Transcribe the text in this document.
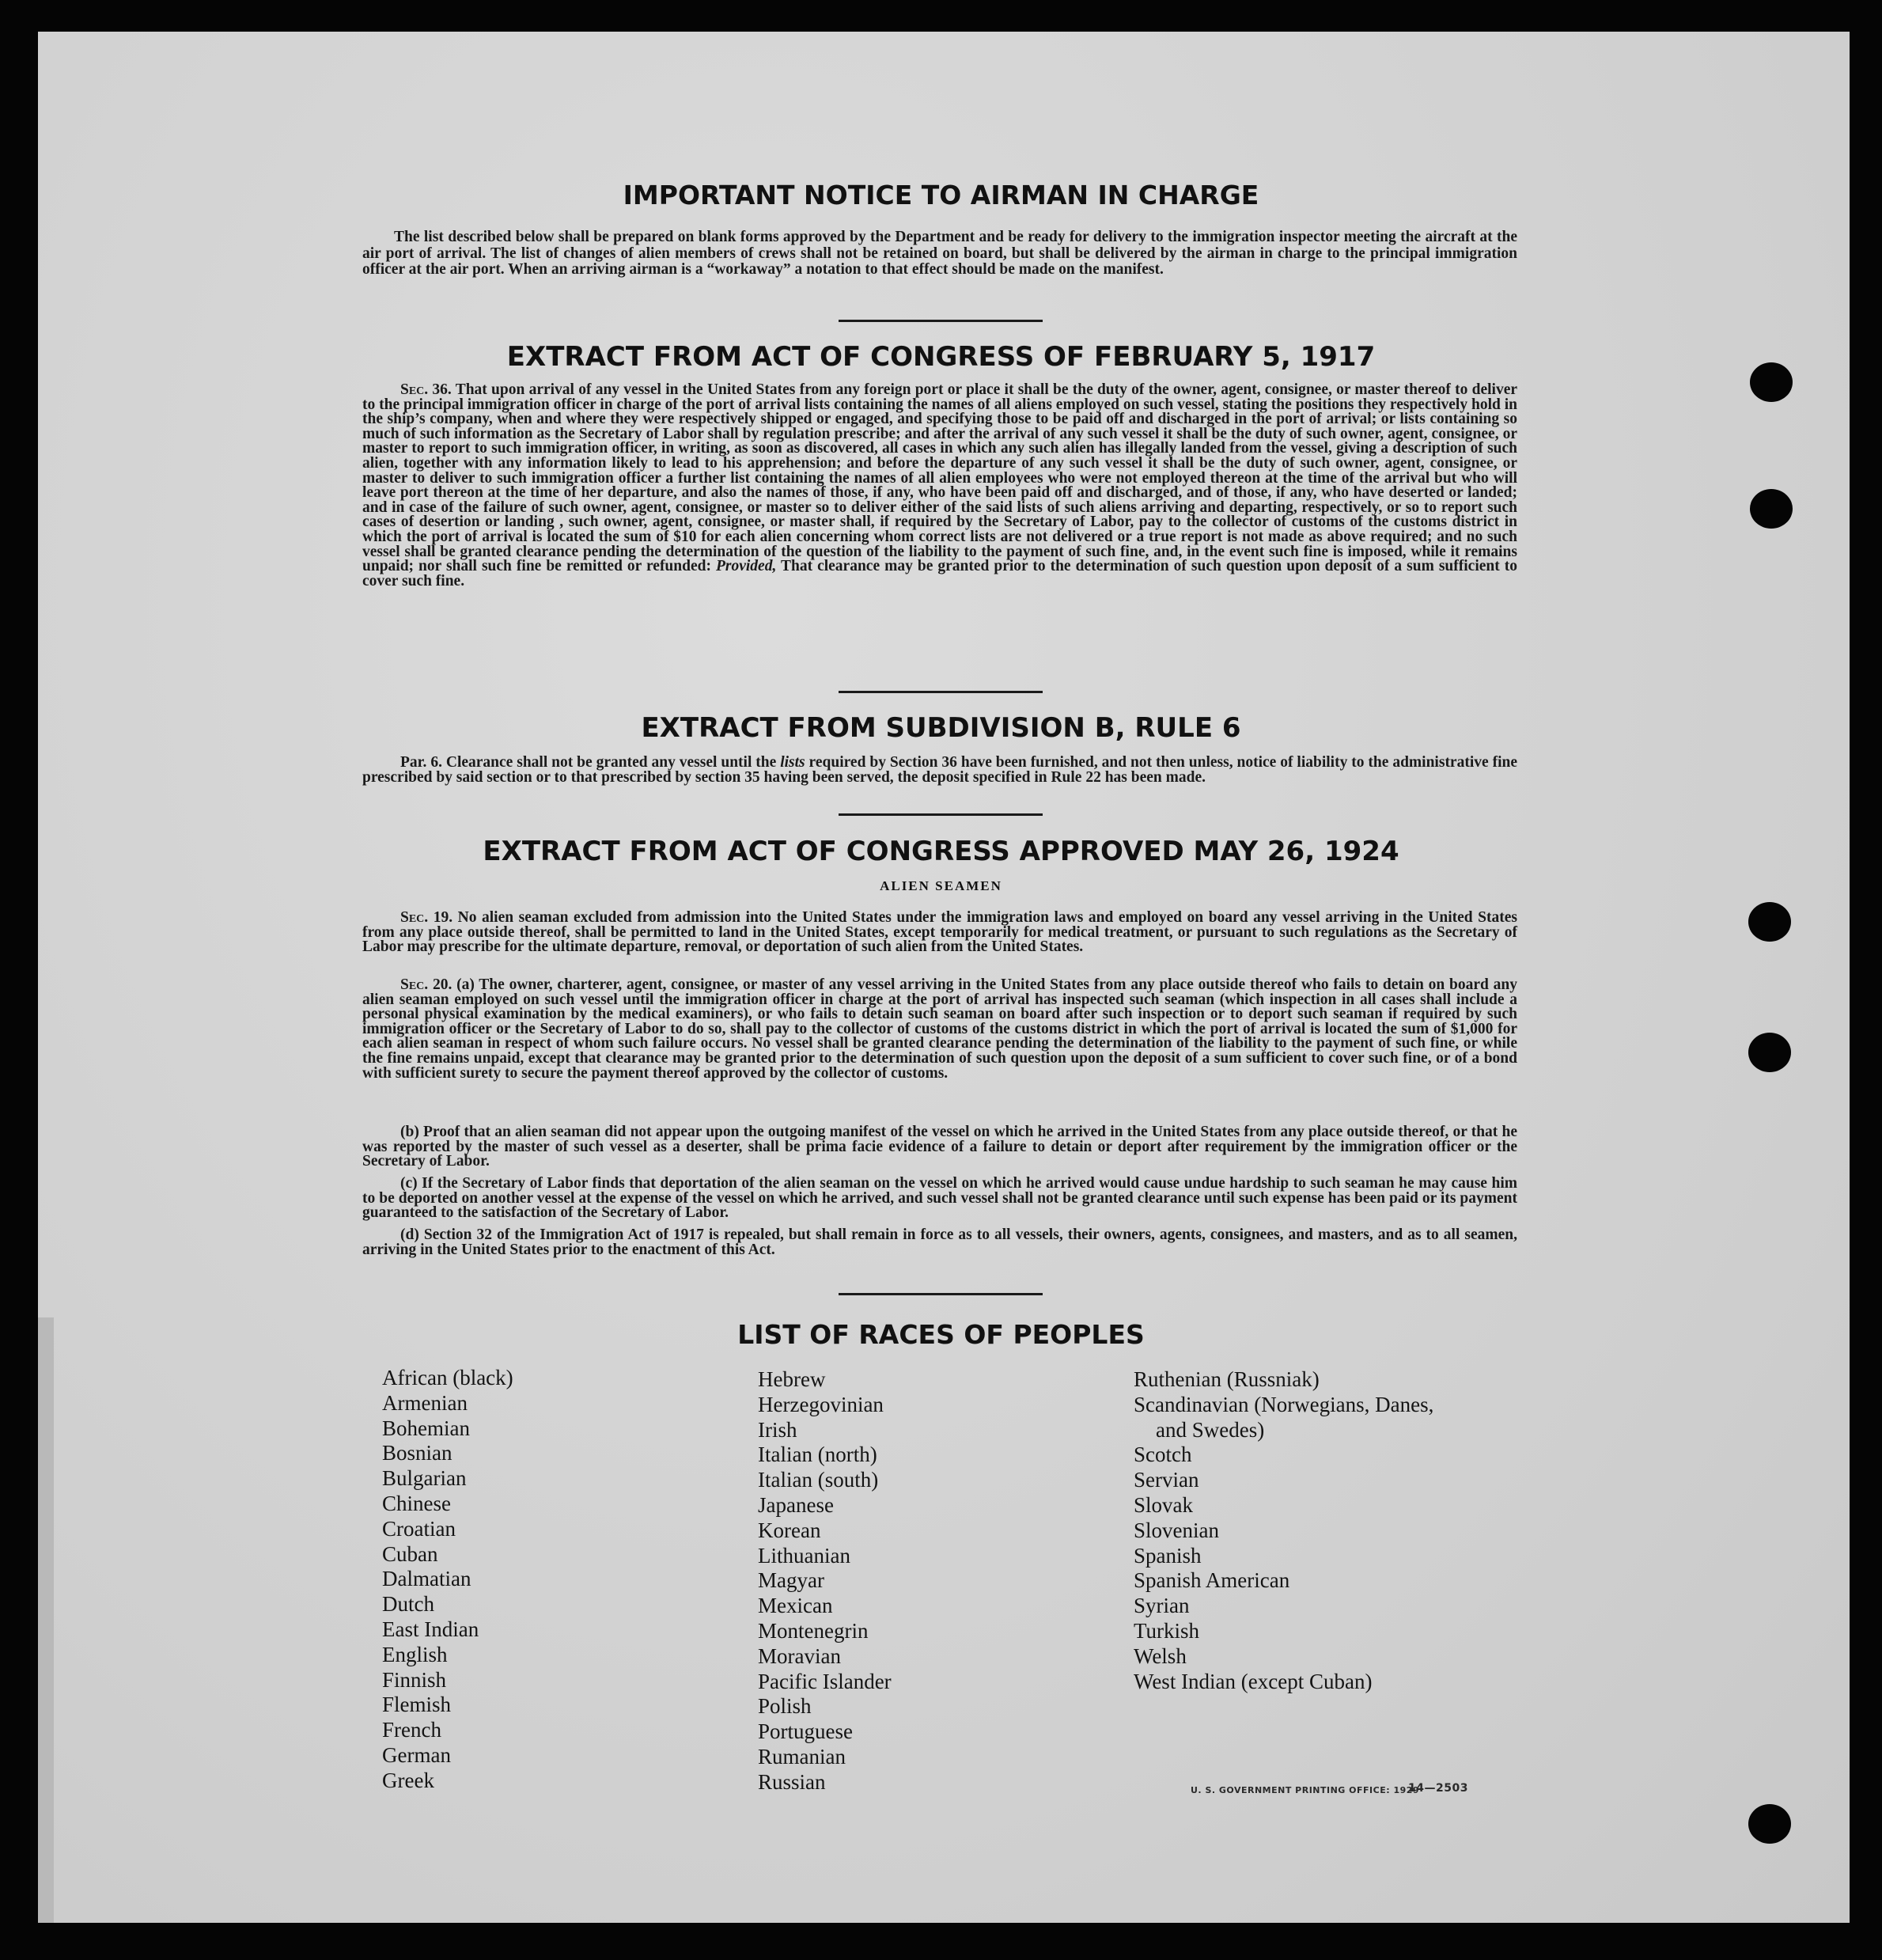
IMPORTANT NOTICE TO AIRMAN IN CHARGE
The list described below shall be prepared on blank forms approved by the Department and be ready for delivery to the immigration inspector meeting the aircraft at the air port of arrival. The list of changes of alien members of crews shall not be retained on board, but shall be delivered by the airman in charge to the principal immigration officer at the air port. When an arriving airman is a “workaway” a notation to that effect should be made on the manifest.
EXTRACT FROM ACT OF CONGRESS OF FEBRUARY 5, 1917
Sec. 36. That upon arrival of any vessel in the United States from any foreign port or place it shall be the duty of the owner, agent, consignee, or master thereof to deliver to the principal immigration officer in charge of the port of arrival lists containing the names of all aliens employed on such vessel, stating the positions they respectively hold in the ship’s company, when and where they were respectively shipped or engaged, and specifying those to be paid off and discharged in the port of arrival; or lists containing so much of such information as the Secretary of Labor shall by regulation prescribe; and after the arrival of any such vessel it shall be the duty of such owner, agent, consignee, or master to report to such immigration officer, in writing, as soon as discovered, all cases in which any such alien has illegally landed from the vessel, giving a description of such alien, together with any information likely to lead to his apprehension; and before the departure of any such vessel it shall be the duty of such owner, agent, consignee, or master to deliver to such immigration officer a further list containing the names of all alien employees who were not employed thereon at the time of the arrival but who will leave port thereon at the time of her departure, and also the names of those, if any, who have been paid off and discharged, and of those, if any, who have deserted or landed; and in case of the failure of such owner, agent, consignee, or master so to deliver either of the said lists of such aliens arriving and departing, respectively, or so to report such cases of desertion or landing , such owner, agent, consignee, or master shall, if required by the Secretary of Labor, pay to the collector of customs of the customs district in which the port of arrival is located the sum of $10 for each alien concerning whom correct lists are not delivered or a true report is not made as above required; and no such vessel shall be granted clearance pending the determination of the question of the liability to the payment of such fine, and, in the event such fine is imposed, while it remains unpaid; nor shall such fine be remitted or refunded: Provided, That clearance may be granted prior to the determination of such question upon deposit of a sum sufficient to cover such fine.
EXTRACT FROM SUBDIVISION B, RULE 6
Par. 6. Clearance shall not be granted any vessel until the lists required by Section 36 have been furnished, and not then unless, notice of liability to the administrative fine prescribed by said section or to that prescribed by section 35 having been served, the deposit specified in Rule 22 has been made.
EXTRACT FROM ACT OF CONGRESS APPROVED MAY 26, 1924
ALIEN SEAMEN
Sec. 19. No alien seaman excluded from admission into the United States under the immigration laws and employed on board any vessel arriving in the United States from any place outside thereof, shall be permitted to land in the United States, except temporarily for medical treatment, or pursuant to such regulations as the Secretary of Labor may prescribe for the ultimate departure, removal, or deportation of such alien from the United States.
Sec. 20. (a) The owner, charterer, agent, consignee, or master of any vessel arriving in the United States from any place outside thereof who fails to detain on board any alien seaman employed on such vessel until the immigration officer in charge at the port of arrival has inspected such seaman (which inspection in all cases shall include a personal physical examination by the medical examiners), or who fails to detain such seaman on board after such inspection or to deport such seaman if required by such immigration officer or the Secretary of Labor to do so, shall pay to the collector of customs of the customs district in which the port of arrival is located the sum of $1,000 for each alien seaman in respect of whom such failure occurs. No vessel shall be granted clearance pending the determination of the liability to the payment of such fine, or while the fine remains unpaid, except that clearance may be granted prior to the determination of such question upon the deposit of a sum sufficient to cover such fine, or of a bond with sufficient surety to secure the payment thereof approved by the collector of customs.
(b) Proof that an alien seaman did not appear upon the outgoing manifest of the vessel on which he arrived in the United States from any place outside thereof, or that he was reported by the master of such vessel as a deserter, shall be prima facie evidence of a failure to detain or deport after requirement by the immigration officer or the Secretary of Labor.
(c) If the Secretary of Labor finds that deportation of the alien seaman on the vessel on which he arrived would cause undue hardship to such seaman he may cause him to be deported on another vessel at the expense of the vessel on which he arrived, and such vessel shall not be granted clearance until such expense has been paid or its payment guaranteed to the satisfaction of the Secretary of Labor.
(d) Section 32 of the Immigration Act of 1917 is repealed, but shall remain in force as to all vessels, their owners, agents, consignees, and masters, and as to all seamen, arriving in the United States prior to the enactment of this Act.
LIST OF RACES OF PEOPLES
African (black)
Armenian
Bohemian
Bosnian
Bulgarian
Chinese
Croatian
Cuban
Dalmatian
Dutch
East Indian
English
Finnish
Flemish
French
German
Greek
Hebrew
Herzegovinian
Irish
Italian (north)
Italian (south)
Japanese
Korean
Lithuanian
Magyar
Mexican
Montenegrin
Moravian
Pacific Islander
Polish
Portuguese
Rumanian
Russian
Ruthenian (Russniak)
Scandinavian (Norwegians, Danes,
and Swedes)
Scotch
Servian
Slovak
Slovenian
Spanish
Spanish American
Syrian
Turkish
Welsh
West Indian (except Cuban)
U. S. GOVERNMENT PRINTING OFFICE: 1929
14—2503
